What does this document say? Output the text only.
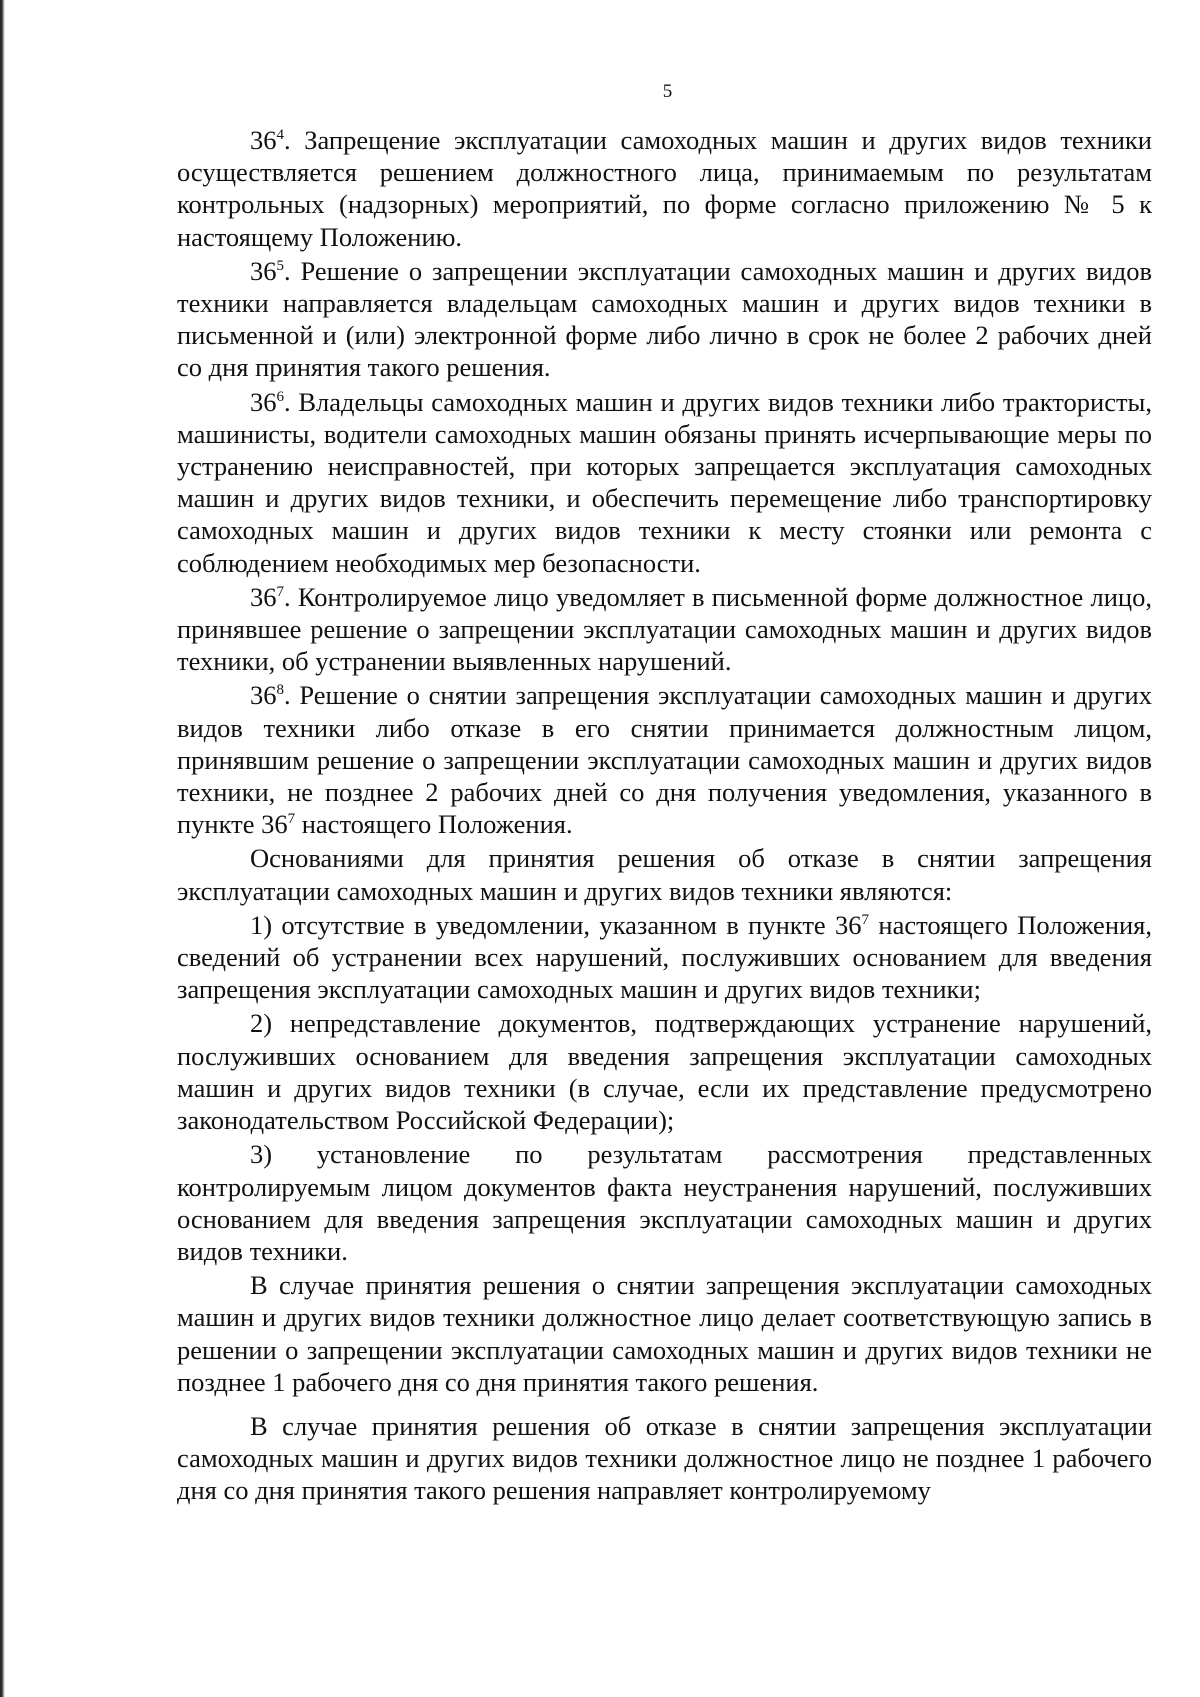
5

$36^4$. Запрещение эксплуатации самоходных машин и других видов техники осуществляется решением должностного лица, принимаемым по результатам контрольных (надзорных) мероприятий, по форме согласно приложению № 5 к настоящему Положению.

$36^5$. Решение о запрещении эксплуатации самоходных машин и других видов техники направляется владельцам самоходных машин и других видов техники в письменной и (или) электронной форме либо лично в срок не более 2 рабочих дней со дня принятия такого решения.

$36^6$. Владельцы самоходных машин и других видов техники либо трактористы, машинисты, водители самоходных машин обязаны принять исчерпывающие меры по устранению неисправностей, при которых запрещается эксплуатация самоходных машин и других видов техники, и обеспечить перемещение либо транспортировку самоходных машин и других видов техники к месту стоянки или ремонта с соблюдением необходимых мер безопасности.

$36^7$. Контролируемое лицо уведомляет в письменной форме должностное лицо, принявшее решение о запрещении эксплуатации самоходных машин и других видов техники, об устранении выявленных нарушений.

$36^8$. Решение о снятии запрещения эксплуатации самоходных машин и других видов техники либо отказе в его снятии принимается должностным лицом, принявшим решение о запрещении эксплуатации самоходных машин и других видов техники, не позднее 2 рабочих дней со дня получения уведомления, указанного в пункте $36^7$ настоящего Положения.

Основаниями для принятия решения об отказе в снятии запрещения эксплуатации самоходных машин и других видов техники являются:

1) отсутствие в уведомлении, указанном в пункте $36^7$ настоящего Положения, сведений об устранении всех нарушений, послуживших основанием для введения запрещения эксплуатации самоходных машин и других видов техники;

2) непредставление документов, подтверждающих устранение нарушений, послуживших основанием для введения запрещения эксплуатации самоходных машин и других видов техники (в случае, если их представление предусмотрено законодательством Российской Федерации);

3) установление по результатам рассмотрения представленных контролируемым лицом документов факта неустранения нарушений, послуживших основанием для введения запрещения эксплуатации самоходных машин и других видов техники.

В случае принятия решения о снятии запрещения эксплуатации самоходных машин и других видов техники должностное лицо делает соответствующую запись в решении о запрещении эксплуатации самоходных машин и других видов техники не позднее 1 рабочего дня со дня принятия такого решения.

В случае принятия решения об отказе в снятии запрещения эксплуатации самоходных машин и других видов техники должностное лицо не позднее 1 рабочего дня со дня принятия такого решения направляет контролируемому
